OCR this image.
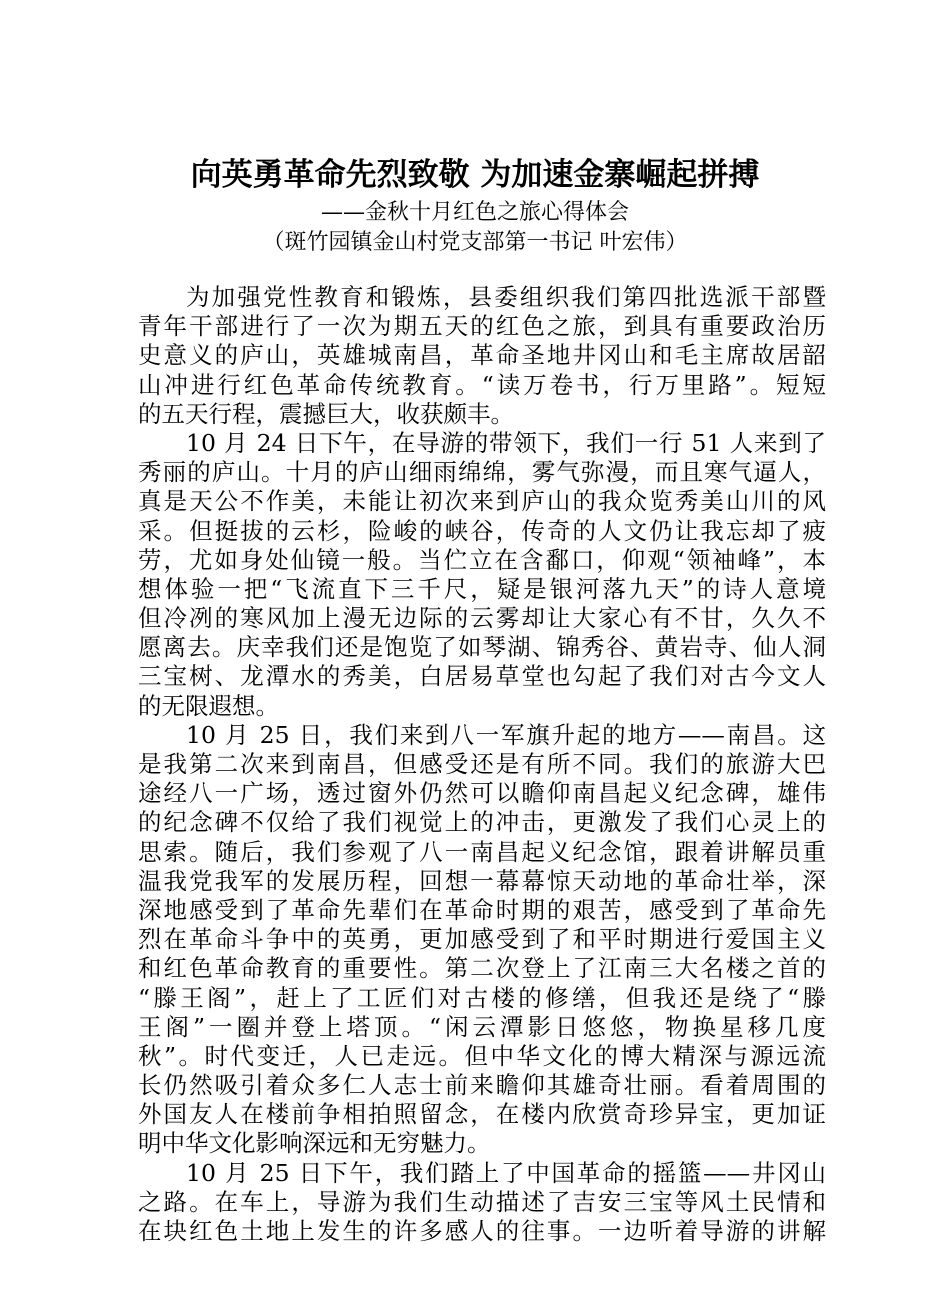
向英勇革命先烈致敬 为加速金寨崛起拼搏
——金秋十月红色之旅心得体会
（斑竹园镇金山村党支部第一书记 叶宏伟）
为加强党性教育和锻炼，县委组织我们第四批选派干部暨
青年干部进行了一次为期五天的红色之旅，到具有重要政治历
史意义的庐山，英雄城南昌，革命圣地井冈山和毛主席故居韶
山冲进行红色革命传统教育。“读万卷书，行万里路”。短短
的五天行程，震撼巨大，收获颇丰。
10 月 24 日下午，在导游的带领下，我们一行 51 人来到了
秀丽的庐山。十月的庐山细雨绵绵，雾气弥漫，而且寒气逼人，
真是天公不作美，未能让初次来到庐山的我众览秀美山川的风
采。但挺拔的云杉，险峻的峡谷，传奇的人文仍让我忘却了疲
劳，尤如身处仙镜一般。当伫立在含鄱口，仰观“领袖峰”，本
想体验一把“飞流直下三千尺，疑是银河落九天”的诗人意境
但冷冽的寒风加上漫无边际的云雾却让大家心有不甘，久久不
愿离去。庆幸我们还是饱览了如琴湖、锦秀谷、黄岩寺、仙人洞
三宝树、龙潭水的秀美，白居易草堂也勾起了我们对古今文人
的无限遐想。
10 月 25 日，我们来到八一军旗升起的地方——南昌。这
是我第二次来到南昌，但感受还是有所不同。我们的旅游大巴
途经八一广场，透过窗外仍然可以瞻仰南昌起义纪念碑，雄伟
的纪念碑不仅给了我们视觉上的冲击，更激发了我们心灵上的
思索。随后，我们参观了八一南昌起义纪念馆，跟着讲解员重
温我党我军的发展历程，回想一幕幕惊天动地的革命壮举，深
深地感受到了革命先辈们在革命时期的艰苦，感受到了革命先
烈在革命斗争中的英勇，更加感受到了和平时期进行爱国主义
和红色革命教育的重要性。第二次登上了江南三大名楼之首的
“滕王阁”，赶上了工匠们对古楼的修缮，但我还是绕了“滕
王阁”一圈并登上塔顶。“闲云潭影日悠悠，物换星移几度
秋”。时代变迁，人已走远。但中华文化的博大精深与源远流
长仍然吸引着众多仁人志士前来瞻仰其雄奇壮丽。看着周围的
外国友人在楼前争相拍照留念，在楼内欣赏奇珍异宝，更加证
明中华文化影响深远和无穷魅力。
10 月 25 日下午，我们踏上了中国革命的摇篮——井冈山
之路。在车上，导游为我们生动描述了吉安三宝等风土民情和
在块红色土地上发生的许多感人的往事。一边听着导游的讲解
